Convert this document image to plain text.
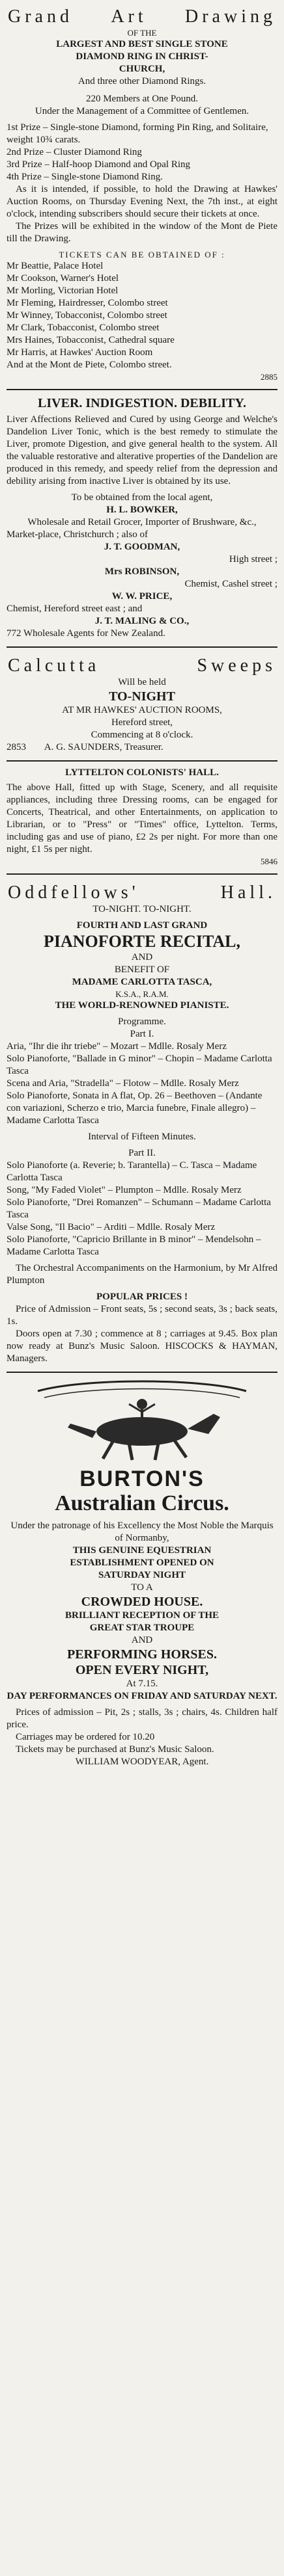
Grand Art Drawing

OF THE

LARGEST AND BEST SINGLE STONE

DIAMOND RING IN CHRIST-

CHURCH,

And three other Diamond Rings.

220 Members at One Pound.

Under the Management of a Committee of Gentlemen.

1st Prize – Single-stone Diamond, forming Pin Ring, and Solitaire, weight 10¾ carats.
2nd Prize – Cluster Diamond Ring
3rd Prize – Half-hoop Diamond and Opal Ring
4th Prize – Single-stone Diamond Ring.

As it is intended, if possible, to hold the Drawing at Hawkes' Auction Rooms, on Thursday Evening Next, the 7th inst., at eight o'clock, intending subscribers should secure their tickets at once.

The Prizes will be exhibited in the window of the Mont de Piete till the Drawing.

TICKETS CAN BE OBTAINED OF :

Mr Beattie, Palace Hotel
Mr Cookson, Warner's Hotel
Mr Morling, Victorian Hotel
Mr Fleming, Hairdresser, Colombo street
Mr Winney, Tobacconist, Colombo street
Mr Clark, Tobacconist, Colombo street
Mrs Haines, Tobacconist, Cathedral square
Mr Harris, at Hawkes' Auction Room
And at the Mont de Piete, Colombo street.

2885

LIVER. INDIGESTION. DEBILITY.

Liver Affections Relieved and Cured by using George and Welche's Dandelion Liver Tonic, which is the best remedy to stimulate the Liver, promote Digestion, and give general health to the system. All the valuable restorative and alterative properties of the Dandelion are produced in this remedy, and speedy relief from the depression and debility arising from inactive Liver is obtained by its use.

To be obtained from the local agent,

H. L. BOWKER,

Wholesale and Retail Grocer, Importer of Brushware, &c.,

Market-place, Christchurch ; also of

J. T. GOODMAN,

High street ;

Mrs ROBINSON,

Chemist, Cashel street ;

W. W. PRICE,

Chemist, Hereford street east ; and

J. T. MALING & CO.,

772 Wholesale Agents for New Zealand.

Calcutta	Sweeps

Will be held

TO-NIGHT

AT MR HAWKES' AUCTION ROOMS,

Hereford street,

Commencing at 8 o'clock.

2853 A. G. SAUNDERS, Treasurer.

LYTTELTON COLONISTS' HALL.

The above Hall, fitted up with Stage, Scenery, and all requisite appliances, including three Dressing rooms, can be engaged for Concerts, Theatrical, and other Entertainments, on application to Librarian, or to "Press" or "Times" office, Lyttelton. Terms, including gas and use of piano, £2 2s per night. For more than one night, £1 5s per night.

5846

Oddfellows'	Hall.

TO-NIGHT. TO-NIGHT.

FOURTH AND LAST GRAND

PIANOFORTE RECITAL,

AND

BENEFIT OF

MADAME CARLOTTA TASCA,

K.S.A., R.A.M.

THE WORLD-RENOWNED PIANISTE.

Programme.

Part I.

Aria, "Ihr die ihr triebe" – Mozart – Mdlle. Rosaly Merz
Solo Pianoforte, "Ballade in G minor" – Chopin – Madame Carlotta Tasca
Scena and Aria, "Stradella" – Flotow – Mdlle. Rosaly Merz
Solo Pianoforte, Sonata in A flat, Op. 26 – Beethoven – (Andante con variazioni, Scherzo e trio, Marcia funebre, Finale allegro) – Madame Carlotta Tasca

Interval of Fifteen Minutes.

Part II.

Solo Pianoforte (a. Reverie; b. Tarantella) – C. Tasca – Madame Carlotta Tasca
Song, "My Faded Violet" – Plumpton – Mdlle. Rosaly Merz
Solo Pianoforte, "Drei Romanzen" – Schumann – Madame Carlotta Tasca
Valse Song, "Il Bacio" – Arditi – Mdlle. Rosaly Merz
Solo Pianoforte, "Capricio Brillante in B minor" – Mendelsohn – Madame Carlotta Tasca

The Orchestral Accompaniments on the Harmonium, by Mr Alfred Plumpton

POPULAR PRICES !

Price of Admission – Front seats, 5s ; second seats, 3s ; back seats, 1s.

Doors open at 7.30 ; commence at 8 ; carriages at 9.45. Box plan now ready at Bunz's Music Saloon. HISCOCKS & HAYMAN, Managers.

BURTON'S

Australian Circus.

Under the patronage of his Excellency the Most Noble the Marquis of Normanby,

THIS GENUINE EQUESTRIAN

ESTABLISHMENT OPENED ON

SATURDAY NIGHT

TO A

CROWDED HOUSE.

BRILLIANT RECEPTION OF THE

GREAT STAR TROUPE

AND

PERFORMING HORSES.

OPEN EVERY NIGHT,

At 7.15.

DAY PERFORMANCES ON FRIDAY AND SATURDAY NEXT.

Prices of admission – Pit, 2s ; stalls, 3s ; chairs, 4s. Children half price.

Carriages may be ordered for 10.20

Tickets may be purchased at Bunz's Music Saloon.

WILLIAM WOODYEAR, Agent.
